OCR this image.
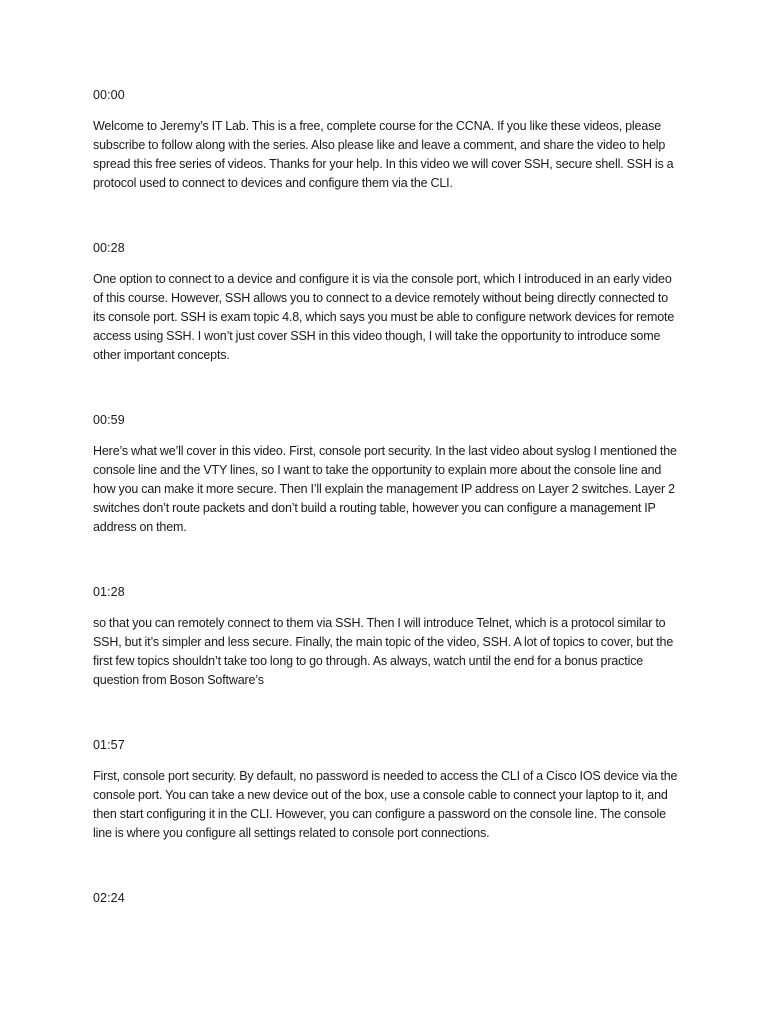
00:00

Welcome to Jeremy’s IT Lab. This is a free, complete course for the CCNA. If you like these videos, please subscribe to follow along with the series. Also please like and leave a comment, and share the video to help spread this free series of videos. Thanks for your help. In this video we will cover SSH, secure shell. SSH is a protocol used to connect to devices and configure them via the CLI.

00:28

One option to connect to a device and configure it is via the console port, which I introduced in an early video of this course. However, SSH allows you to connect to a device remotely without being directly connected to its console port. SSH is exam topic 4.8, which says you must be able to configure network devices for remote access using SSH. I won’t just cover SSH in this video though, I will take the opportunity to introduce some other important concepts.

00:59

Here’s what we’ll cover in this video. First, console port security. In the last video about syslog I mentioned the console line and the VTY lines, so I want to take the opportunity to explain more about the console line and how you can make it more secure. Then I’ll explain the management IP address on Layer 2 switches. Layer 2 switches don’t route packets and don’t build a routing table, however you can configure a management IP address on them.

01:28

so that you can remotely connect to them via SSH. Then I will introduce Telnet, which is a protocol similar to SSH, but it’s simpler and less secure. Finally, the main topic of the video, SSH. A lot of topics to cover, but the first few topics shouldn’t take too long to go through. As always, watch until the end for a bonus practice question from Boson Software’s

01:57

First, console port security. By default, no password is needed to access the CLI of a Cisco IOS device via the console port. You can take a new device out of the box, use a console cable to connect your laptop to it, and then start configuring it in the CLI. However, you can configure a password on the console line. The console line is where you configure all settings related to console port connections.

02:24
